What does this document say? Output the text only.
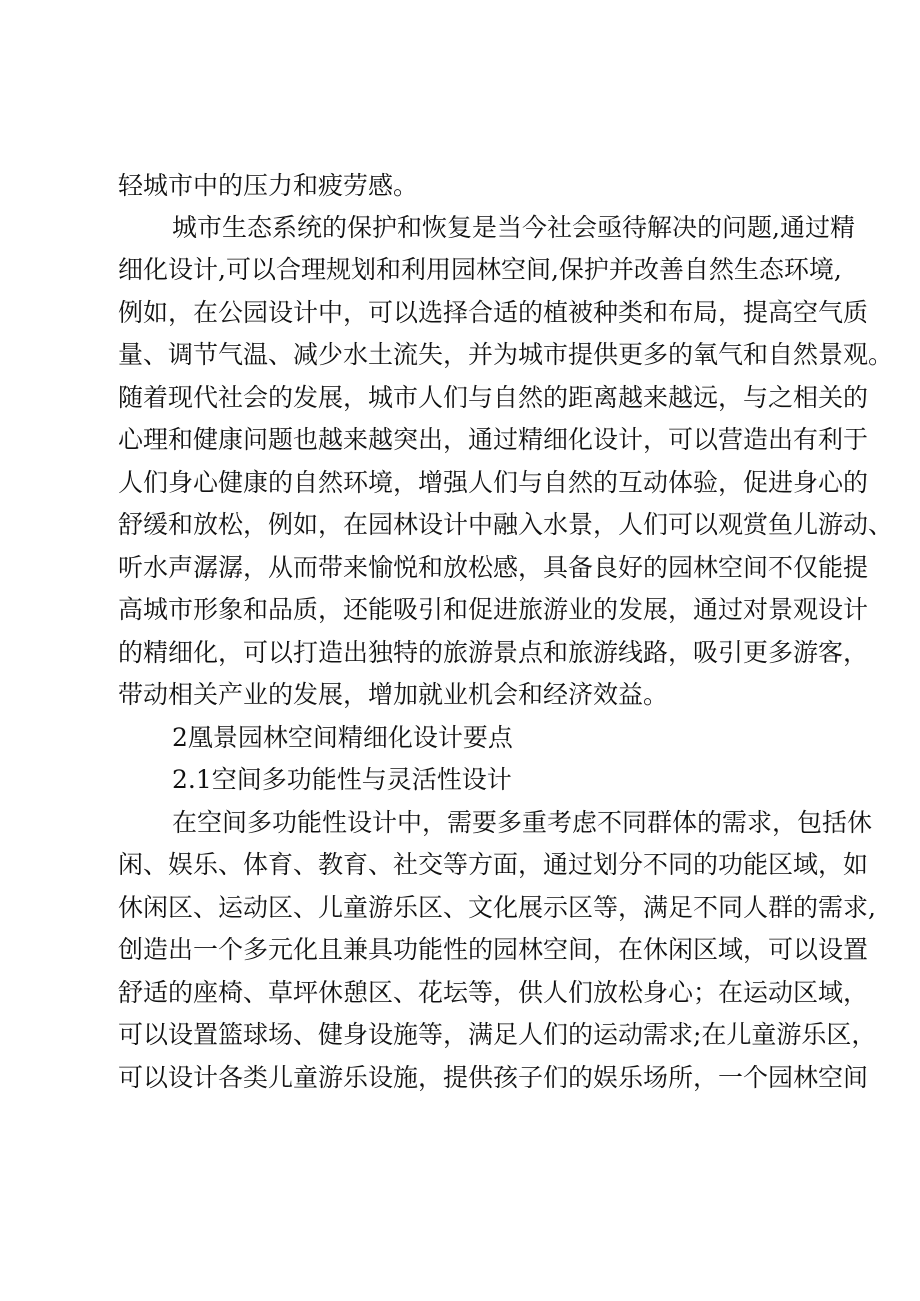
轻城市中的压力和疲劳感。
城市生态系统的保护和恢复是当今社会亟待解决的问题,通过精
细化设计,可以合理规划和利用园林空间,保护并改善自然生态环境,
例如，在公园设计中，可以选择合适的植被种类和布局，提高空气质
量、调节气温、减少水土流失，并为城市提供更多的氧气和自然景观。
随着现代社会的发展，城市人们与自然的距离越来越远，与之相关的
心理和健康问题也越来越突出，通过精细化设计，可以营造出有利于
人们身心健康的自然环境，增强人们与自然的互动体验，促进身心的
舒缓和放松，例如，在园林设计中融入水景，人们可以观赏鱼儿游动、
听水声潺潺，从而带来愉悦和放松感，具备良好的园林空间不仅能提
高城市形象和品质，还能吸引和促进旅游业的发展，通过对景观设计
的精细化，可以打造出独特的旅游景点和旅游线路，吸引更多游客，
带动相关产业的发展，增加就业机会和经济效益。
2凰景园林空间精细化设计要点
2.1空间多功能性与灵活性设计
在空间多功能性设计中，需要多重考虑不同群体的需求，包括休
闲、娱乐、体育、教育、社交等方面，通过划分不同的功能区域，如
休闲区、运动区、儿童游乐区、文化展示区等，满足不同人群的需求,
创造出一个多元化且兼具功能性的园林空间，在休闲区域，可以设置
舒适的座椅、草坪休憩区、花坛等，供人们放松身心；在运动区域，
可以设置篮球场、健身设施等，满足人们的运动需求;在儿童游乐区，
可以设计各类儿童游乐设施，提供孩子们的娱乐场所，一个园林空间
